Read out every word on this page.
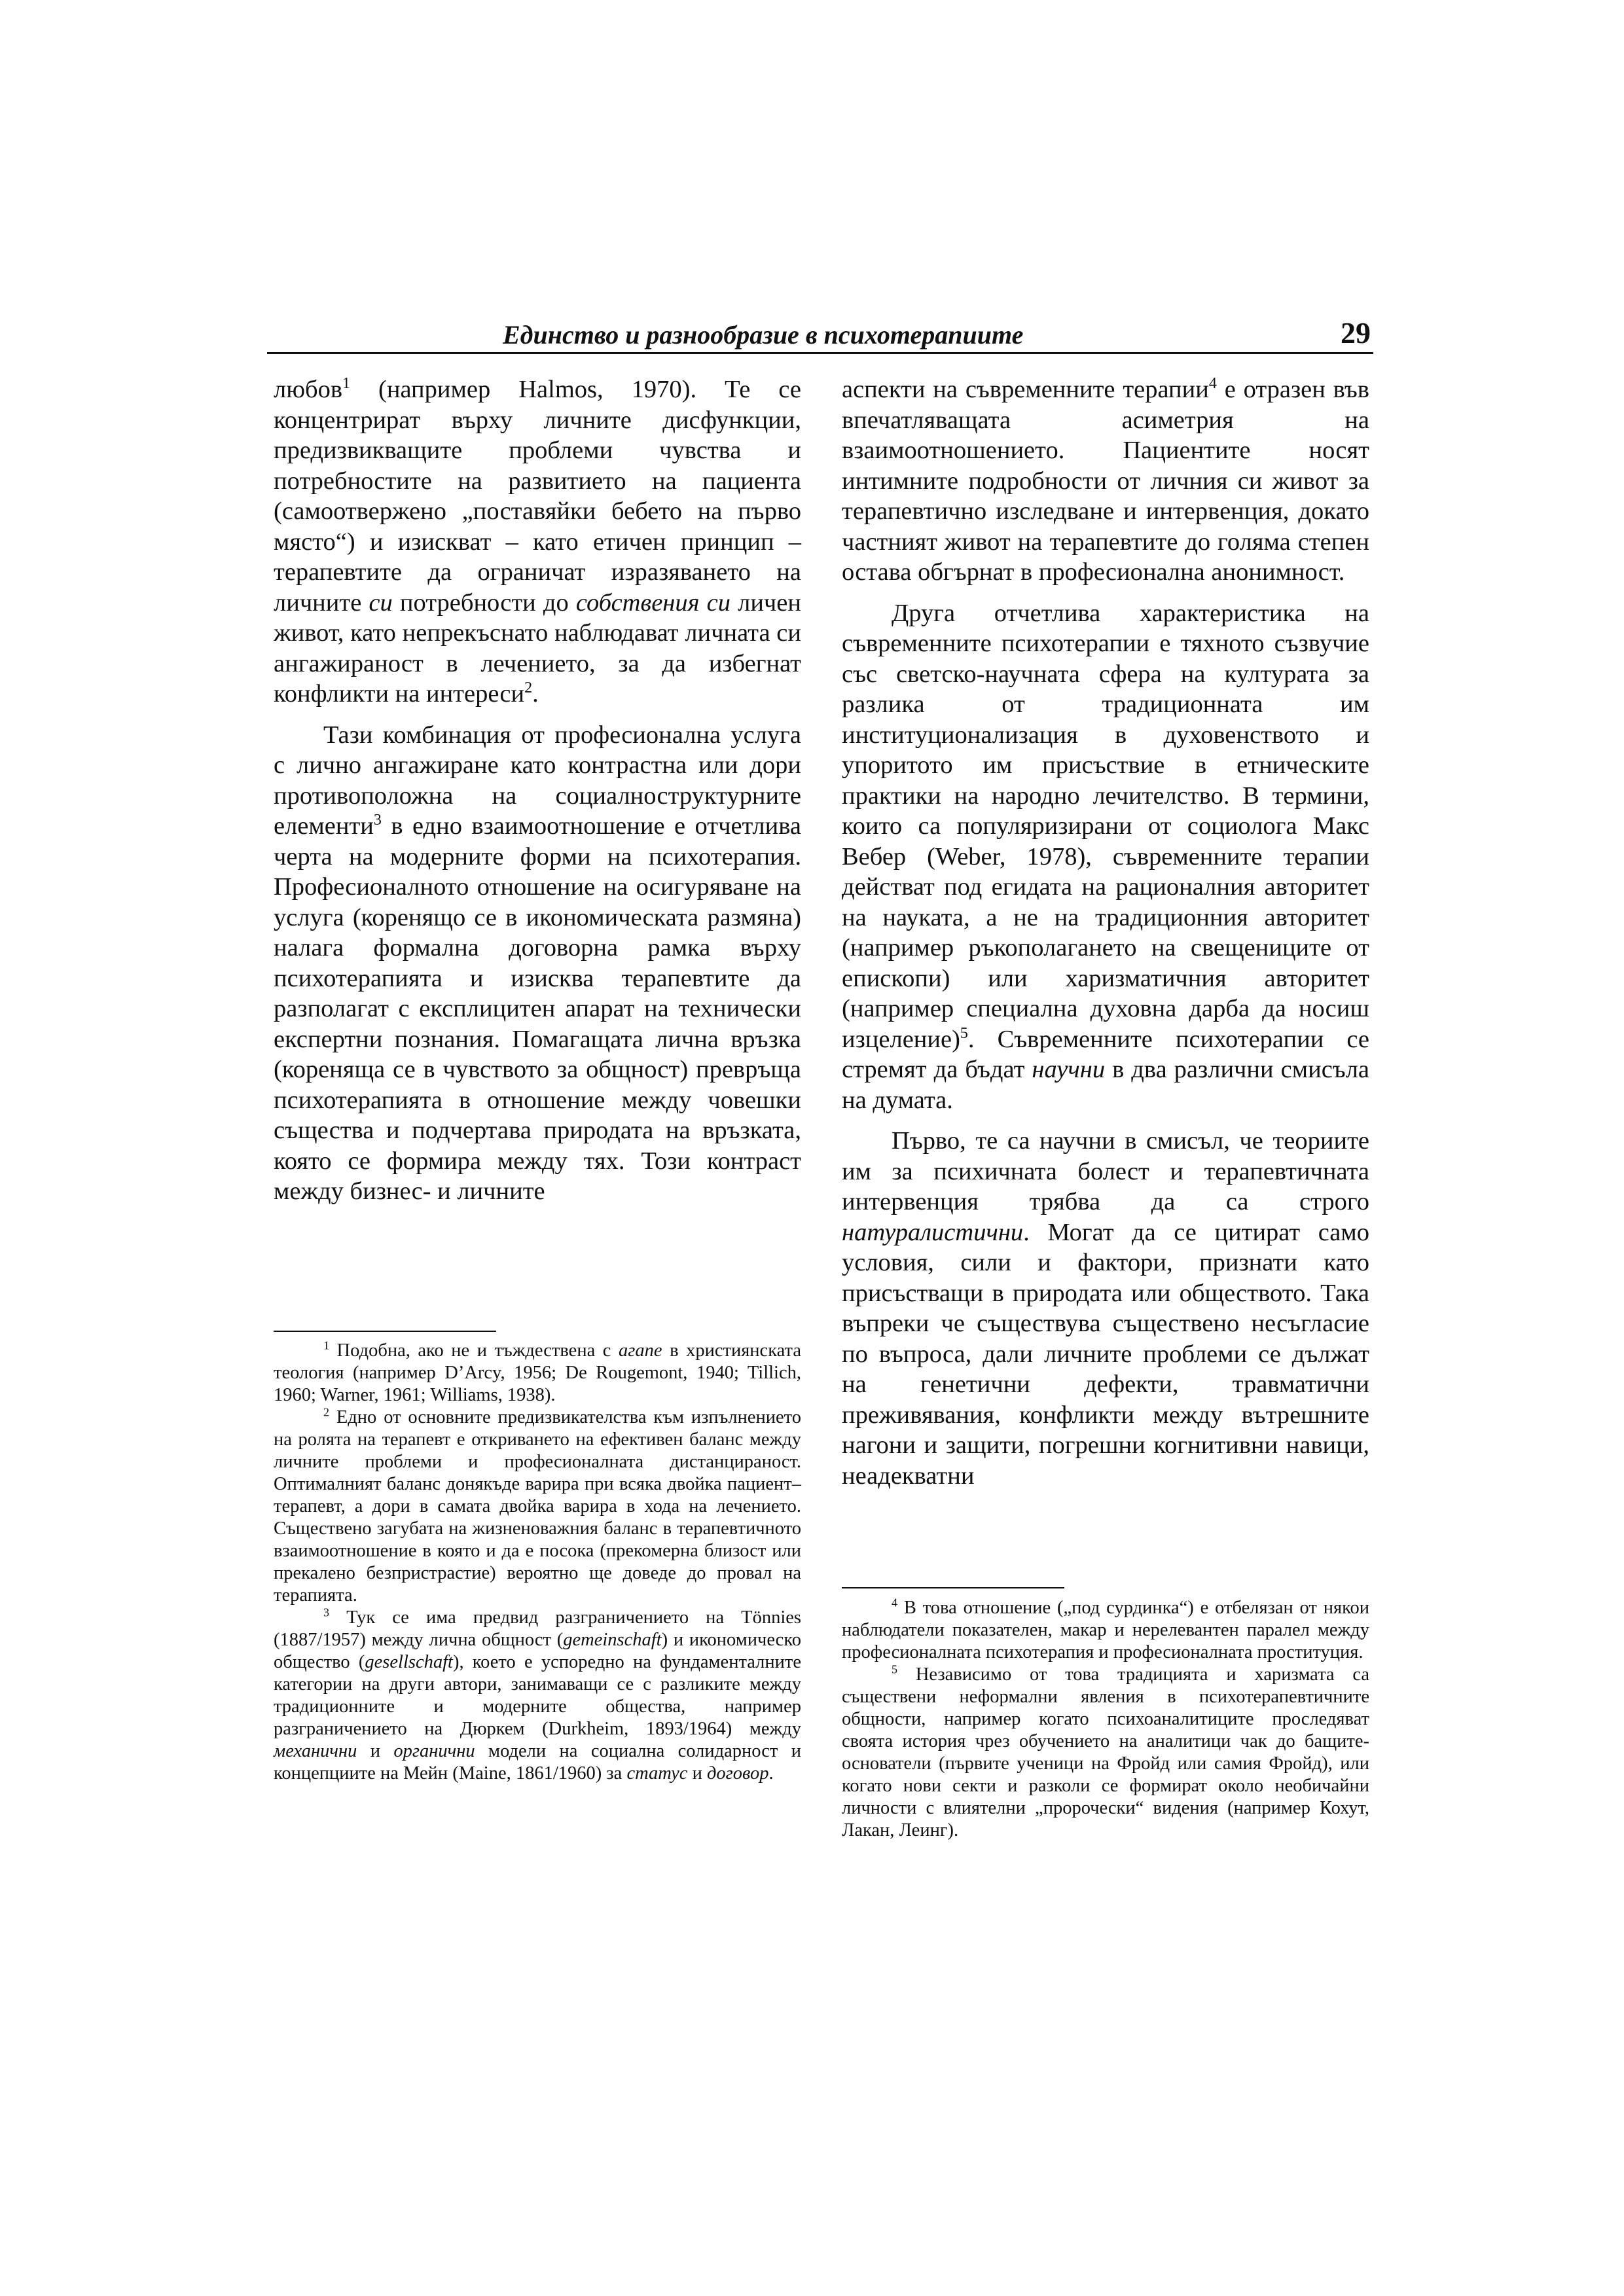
Единство и разнообразие в психотерапиите	29

любов$^1$ (например Halmos, 1970). Те се концентрират върху личните дисфункции, предизвикващите проблеми чувства и потребностите на развитието на пациента (самоотвержено „поставяйки бебето на първо място“) и изискват – като етичен принцип – терапевтите да ограничат изразяването на личните си потребности до собствения си личен живот, като непрекъснато наблюдават личната си ангажираност в лечението, за да избегнат конфликти на интереси$^2$.

Тази комбинация от професионална услуга с лично ангажиране като контрастна или дори противоположна на социалноструктурните елементи$^3$ в едно взаимоотношение е отчетлива черта на модерните форми на психотерапия. Професионалното отношение на осигуряване на услуга (коренящо се в икономическата размяна) налага формална договорна рамка върху психотерапията и изисква терапевтите да разполагат с експлицитен апарат на технически експертни познания. Помагащата лична връзка (кореняща се в чувството за общност) превръща психотерапията в отношение между човешки същества и подчертава природата на връзката, която се формира между тях. Този контраст между бизнес- и личните

$^1$ Подобна, ако не и тъждествена с агапе в християнската теология (например D’Arcy, 1956; De Rougemont, 1940; Tillich, 1960; Warner, 1961; Williams, 1938).

$^2$ Едно от основните предизвикателства към изпълнението на ролята на терапевт е откриването на ефективен баланс между личните проблеми и професионалната дистанцираност. Оптималният баланс донякъде варира при всяка двойка пациент–терапевт, а дори в самата двойка варира в хода на лечението. Съществено загубата на жизненоважния баланс в терапевтичното взаимоотношение в която и да е посока (прекомерна близост или прекалено безпристрастие) вероятно ще доведе до провал на терапията.

$^3$ Тук се има предвид разграничението на Tönnies (1887/1957) между лична общност (gemeinschaft) и икономическо общество (gesellschaft), което е успоредно на фундаменталните категории на други автори, занимаващи се с разликите между традиционните и модерните общества, например разграничението на Дюркем (Durkheim, 1893/1964) между механични и органични модели на социална солидарност и концепциите на Мейн (Maine, 1861/1960) за статус и договор.

аспекти на съвременните терапии$^4$ е отразен във впечатляващата асиметрия на взаимоотношението. Пациентите носят интимните подробности от личния си живот за терапевтично изследване и интервенция, докато частният живот на терапевтите до голяма степен остава обгърнат в професионална анонимност.

Друга отчетлива характеристика на съвременните психотерапии е тяхното съзвучие със светско-научната сфера на културата за разлика от традиционната им институционализация в духовенството и упоритото им присъствие в етническите практики на народно лечителство. В термини, които са популяризирани от социолога Макс Вебер (Weber, 1978), съвременните терапии действат под егидата на рационалния авторитет на науката, а не на традиционния авторитет (например ръкополагането на свещениците от епископи) или харизматичния авторитет (например специална духовна дарба да носиш изцеление)$^5$. Съвременните психотерапии се стремят да бъдат научни в два различни смисъла на думата.

Първо, те са научни в смисъл, че теориите им за психичната болест и терапевтичната интервенция трябва да са строго натуралистични. Могат да се цитират само условия, сили и фактори, признати като присъстващи в природата или обществото. Така въпреки че съществува съществено несъгласие по въпроса, дали личните проблеми се дължат на генетични дефекти, травматични преживявания, конфликти между вътрешните нагони и защити, погрешни когнитивни навици, неадекватни

$^4$ В това отношение („под сурдинка“) е отбелязан от някои наблюдатели показателен, макар и нерелевантен паралел между професионалната психотерапия и професионалната проституция.

$^5$ Независимо от това традицията и харизмата са съществени неформални явления в психотерапевтичните общности, например когато психоаналитиците проследяват своята история чрез обучението на аналитици чак до бащите-основатели (първите ученици на Фройд или самия Фройд), или когато нови секти и разколи се формират около необичайни личности с влиятелни „пророчески“ видения (например Кохут, Лакан, Леинг).
